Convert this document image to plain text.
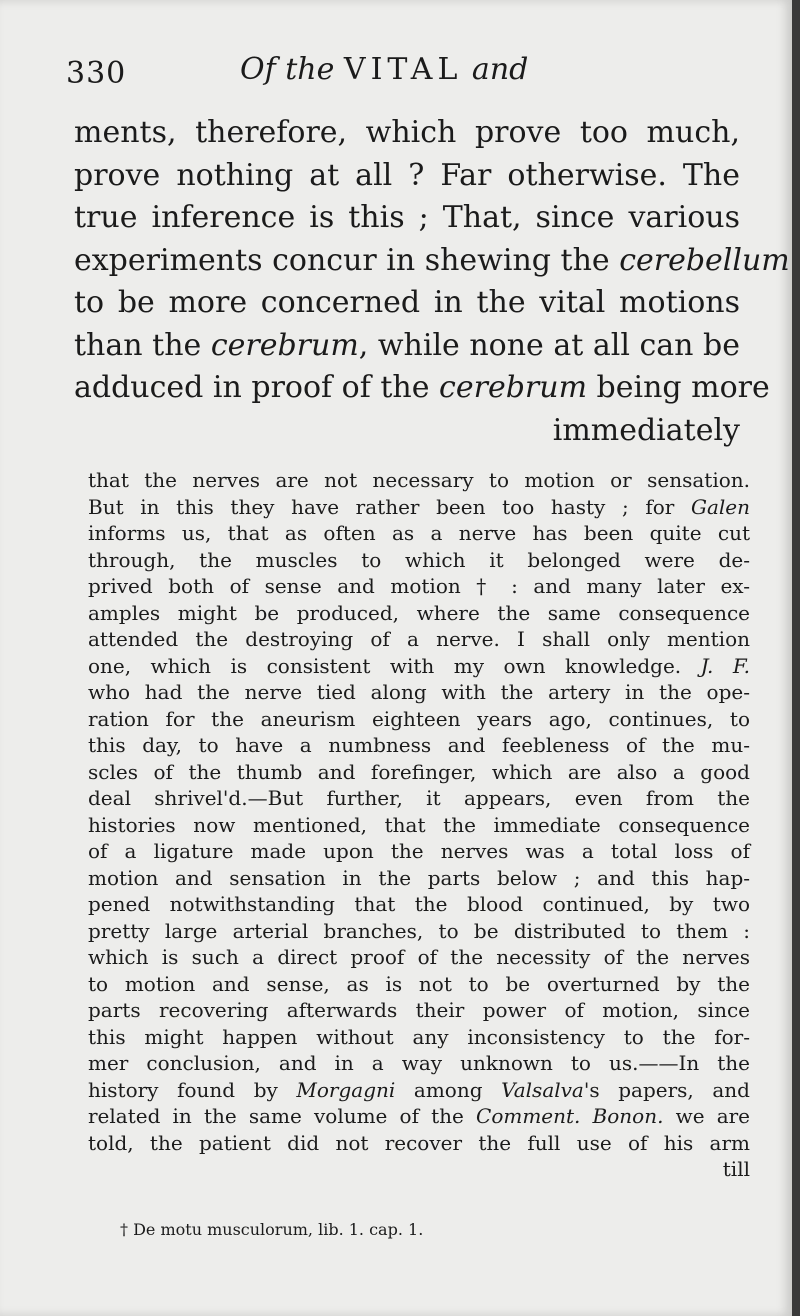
330	Of the VITAL and
ments, therefore, which prove too much,
prove nothing at all ? Far otherwise. The
true inference is this ; That, since various
experiments concur in shewing the cerebellum
to be more concerned in the vital motions
than the cerebrum, while none at all can be
adduced in proof of the cerebrum being more
immediately
that the nerves are not necessary to motion or sensation.
But in this they have rather been too hasty ; for Galen
informs us, that as often as a nerve has been quite cut
through, the muscles to which it belonged were de-
prived both of sense and motion † : and many later ex-
amples might be produced, where the same consequence
attended the destroying of a nerve. I shall only mention
one, which is consistent with my own knowledge. J. F.
who had the nerve tied along with the artery in the ope-
ration for the aneurism eighteen years ago, continues, to
this day, to have a numbness and feebleness of the mu-
scles of the thumb and forefinger, which are also a good
deal shrivel'd.—But further, it appears, even from the
histories now mentioned, that the immediate consequence
of a ligature made upon the nerves was a total loss of
motion and sensation in the parts below ; and this hap-
pened notwithstanding that the blood continued, by two
pretty large arterial branches, to be distributed to them :
which is such a direct proof of the necessity of the nerves
to motion and sense, as is not to be overturned by the
parts recovering afterwards their power of motion, since
this might happen without any inconsistency to the for-
mer conclusion, and in a way unknown to us.——In the
history found by Morgagni among Valsalva's papers, and
related in the same volume of the Comment. Bonon. we are
told, the patient did not recover the full use of his arm
till
† De motu musculorum, lib. 1. cap. 1.
